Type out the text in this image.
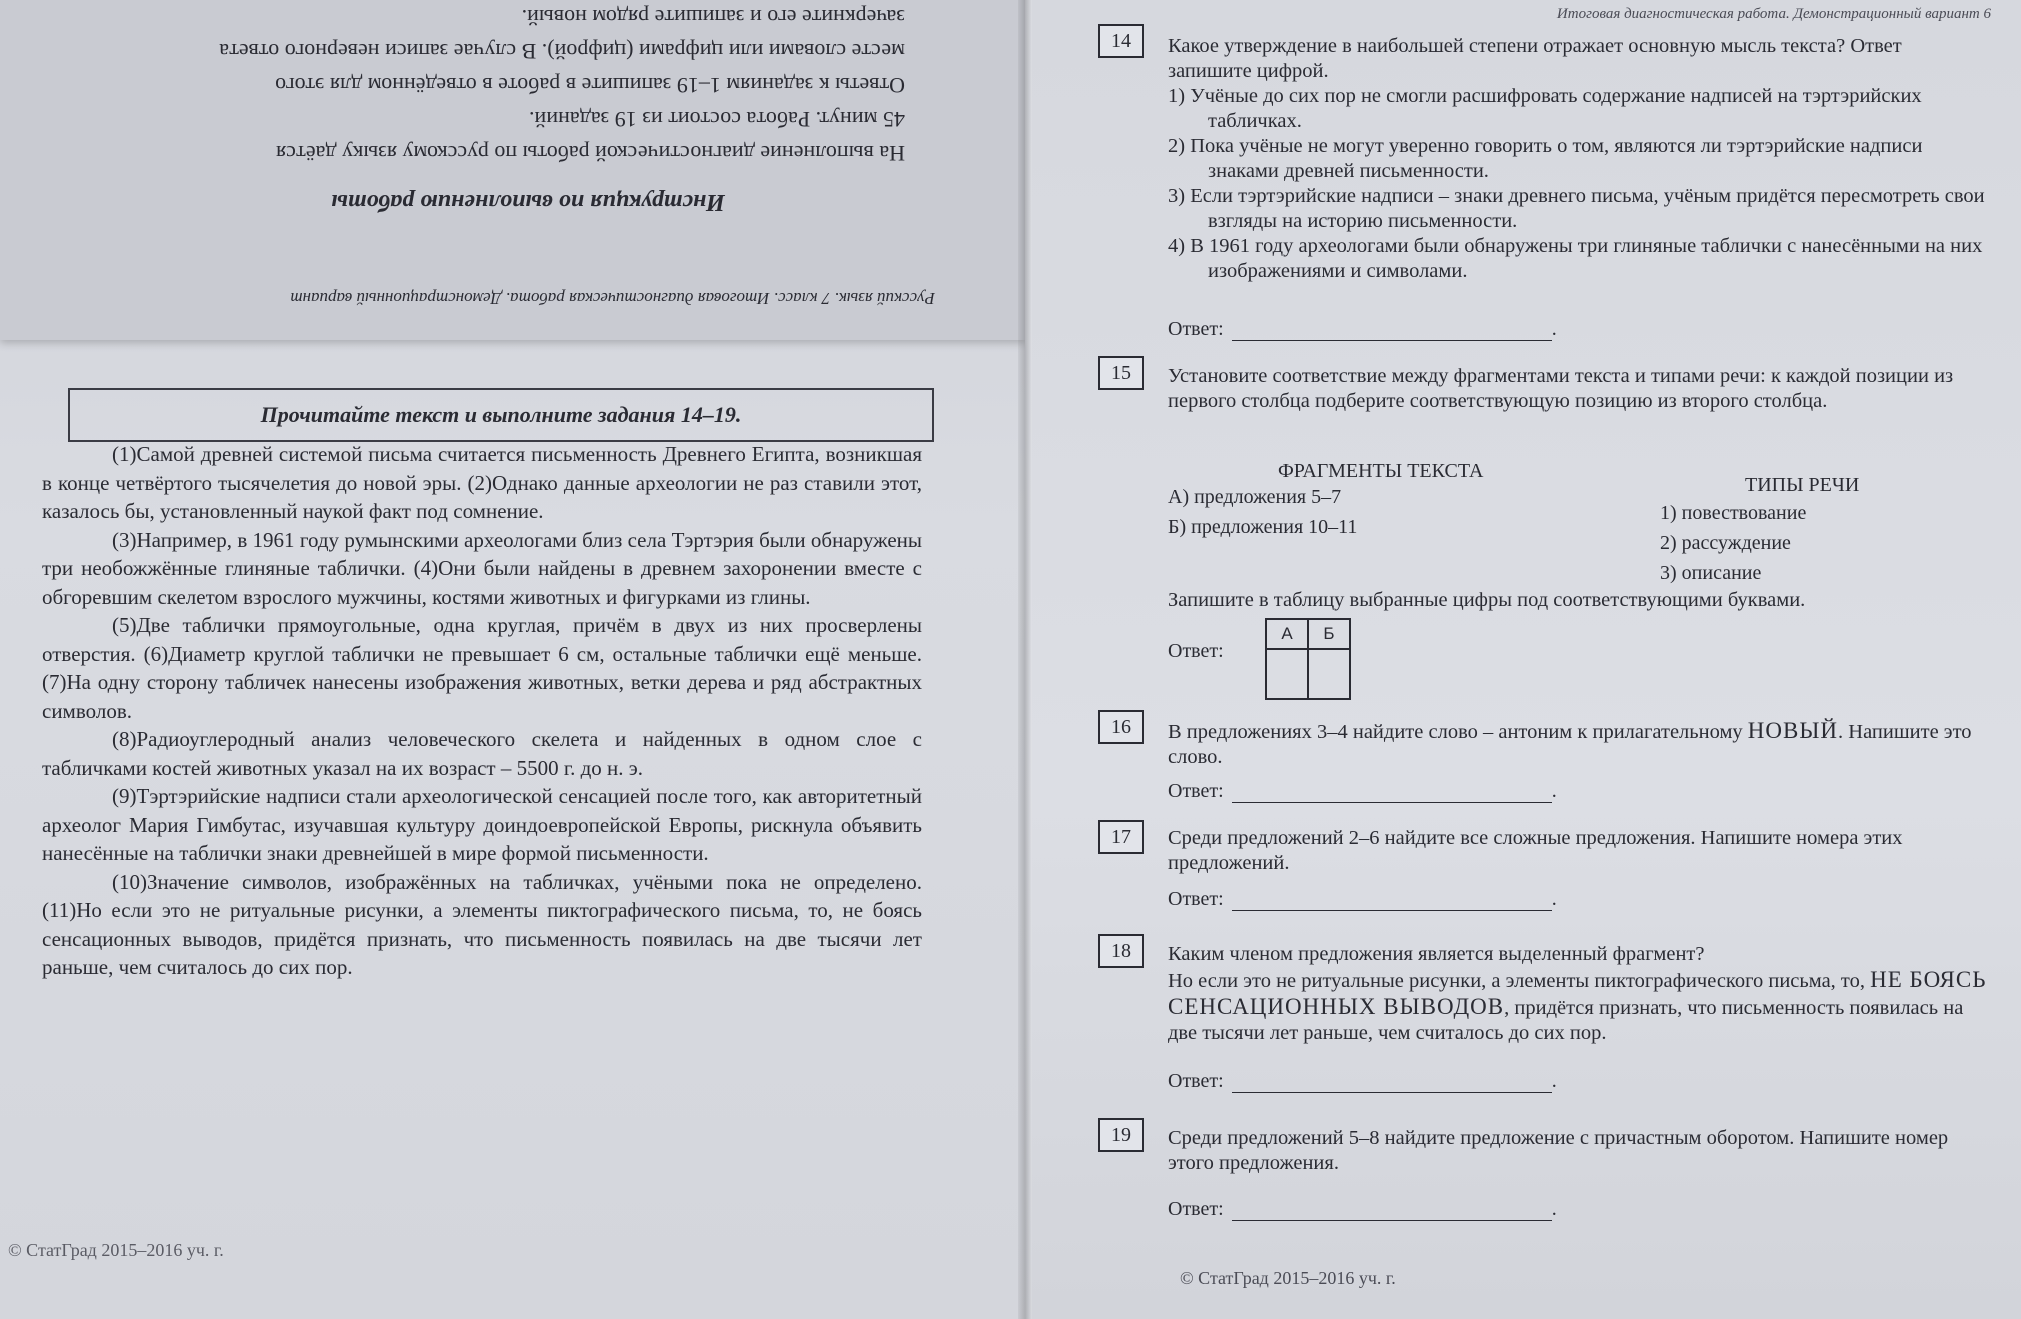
Русский язык. 7 класс. Итоговая диагностическая работа. Демонстрационный вариант
Инструкция по выполнению работы

На выполнение диагностической работы по русскому языку даётся

45 минут. Работа состоит из 19 заданий.

Ответы к заданиям 1–19 запишите в работе в отведённом для этого

месте словами или цифрами (цифрой). В случае записи неверного ответа

зачеркните его и запишите рядом новый.

Прочитайте текст и выполните задания 14–19.

(1)Самой древней системой письма считается письменность Древнего Египта, возникшая в конце четвёртого тысячелетия до новой эры. (2)Однако данные археологии не раз ставили этот, казалось бы, установленный наукой факт под сомнение.

(3)Например, в 1961 году румынскими археологами близ села Тэртэрия были обнаружены три необожжённые глиняные таблички. (4)Они были найдены в древнем захоронении вместе с обгоревшим скелетом взрослого мужчины, костями животных и фигурками из глины.

(5)Две таблички прямоугольные, одна круглая, причём в двух из них просверлены отверстия. (6)Диаметр круглой таблички не превышает 6 см, остальные таблички ещё меньше. (7)На одну сторону табличек нанесены изображения животных, ветки дерева и ряд абстрактных символов.

(8)Радиоуглеродный анализ человеческого скелета и найденных в одном слое с табличками костей животных указал на их возраст – 5500 г. до н. э.

(9)Тэртэрийские надписи стали археологической сенсацией после того, как авторитетный археолог Мария Гимбутас, изучавшая культуру доиндоевропейской Европы, рискнула объявить нанесённые на таблички знаки древнейшей в мире формой письменности.

(10)Значение символов, изображённых на табличках, учёными пока не определено. (11)Но если это не ритуальные рисунки, а элементы пиктографического письма, то, не боясь сенсационных выводов, придётся признать, что письменность появилась на две тысячи лет раньше, чем считалось до сих пор.

© СтатГрад 2015–2016 уч. г.
Итоговая диагностическая работа. Демонстрационный вариант 6
14	Какое утверждение в наибольшей степени отражает основную мысль текста? Ответ запишите цифрой.

1) Учёные до сих пор не смогли расшифровать содержание надписей на тэртэрийских табличках.

2) Пока учёные не могут уверенно говорить о том, являются ли тэртэрийские надписи знаками древней письменности.

3) Если тэртэрийские надписи – знаки древнего письма, учёным придётся пересмотреть свои взгляды на историю письменности.

4) В 1961 году археологами были обнаружены три глиняные таблички с нанесёнными на них изображениями и символами.

Ответ:	.
15	Установите соответствие между фрагментами текста и типами речи: к каждой позиции из первого столбца подберите соответствующую позицию из второго столбца.
ФРАГМЕНТЫ ТЕКСТА
ТИПЫ РЕЧИ
А) предложения 5–7
Б) предложения 10–11
1) повествование
2) рассуждение
3) описание
Запишите в таблицу выбранные цифры под соответствующими буквами.
Ответ:
А	Б

16	В предложениях 3–4 найдите слово – антоним к прилагательному НОВЫЙ. Напишите это слово.
Ответ:	.
17	Среди предложений 2–6 найдите все сложные предложения. Напишите номера этих предложений.
Ответ:	.
18	Каким членом предложения является выделенный фрагмент?

Но если это не ритуальные рисунки, а элементы пиктографического письма, то, НЕ БОЯСЬ СЕНСАЦИОННЫХ ВЫВОДОВ, придётся признать, что письменность появилась на две тысячи лет раньше, чем считалось до сих пор.

Ответ:	.
19	Среди предложений 5–8 найдите предложение с причастным оборотом. Напишите номер этого предложения.
Ответ:	.
© СтатГрад 2015–2016 уч. г.
